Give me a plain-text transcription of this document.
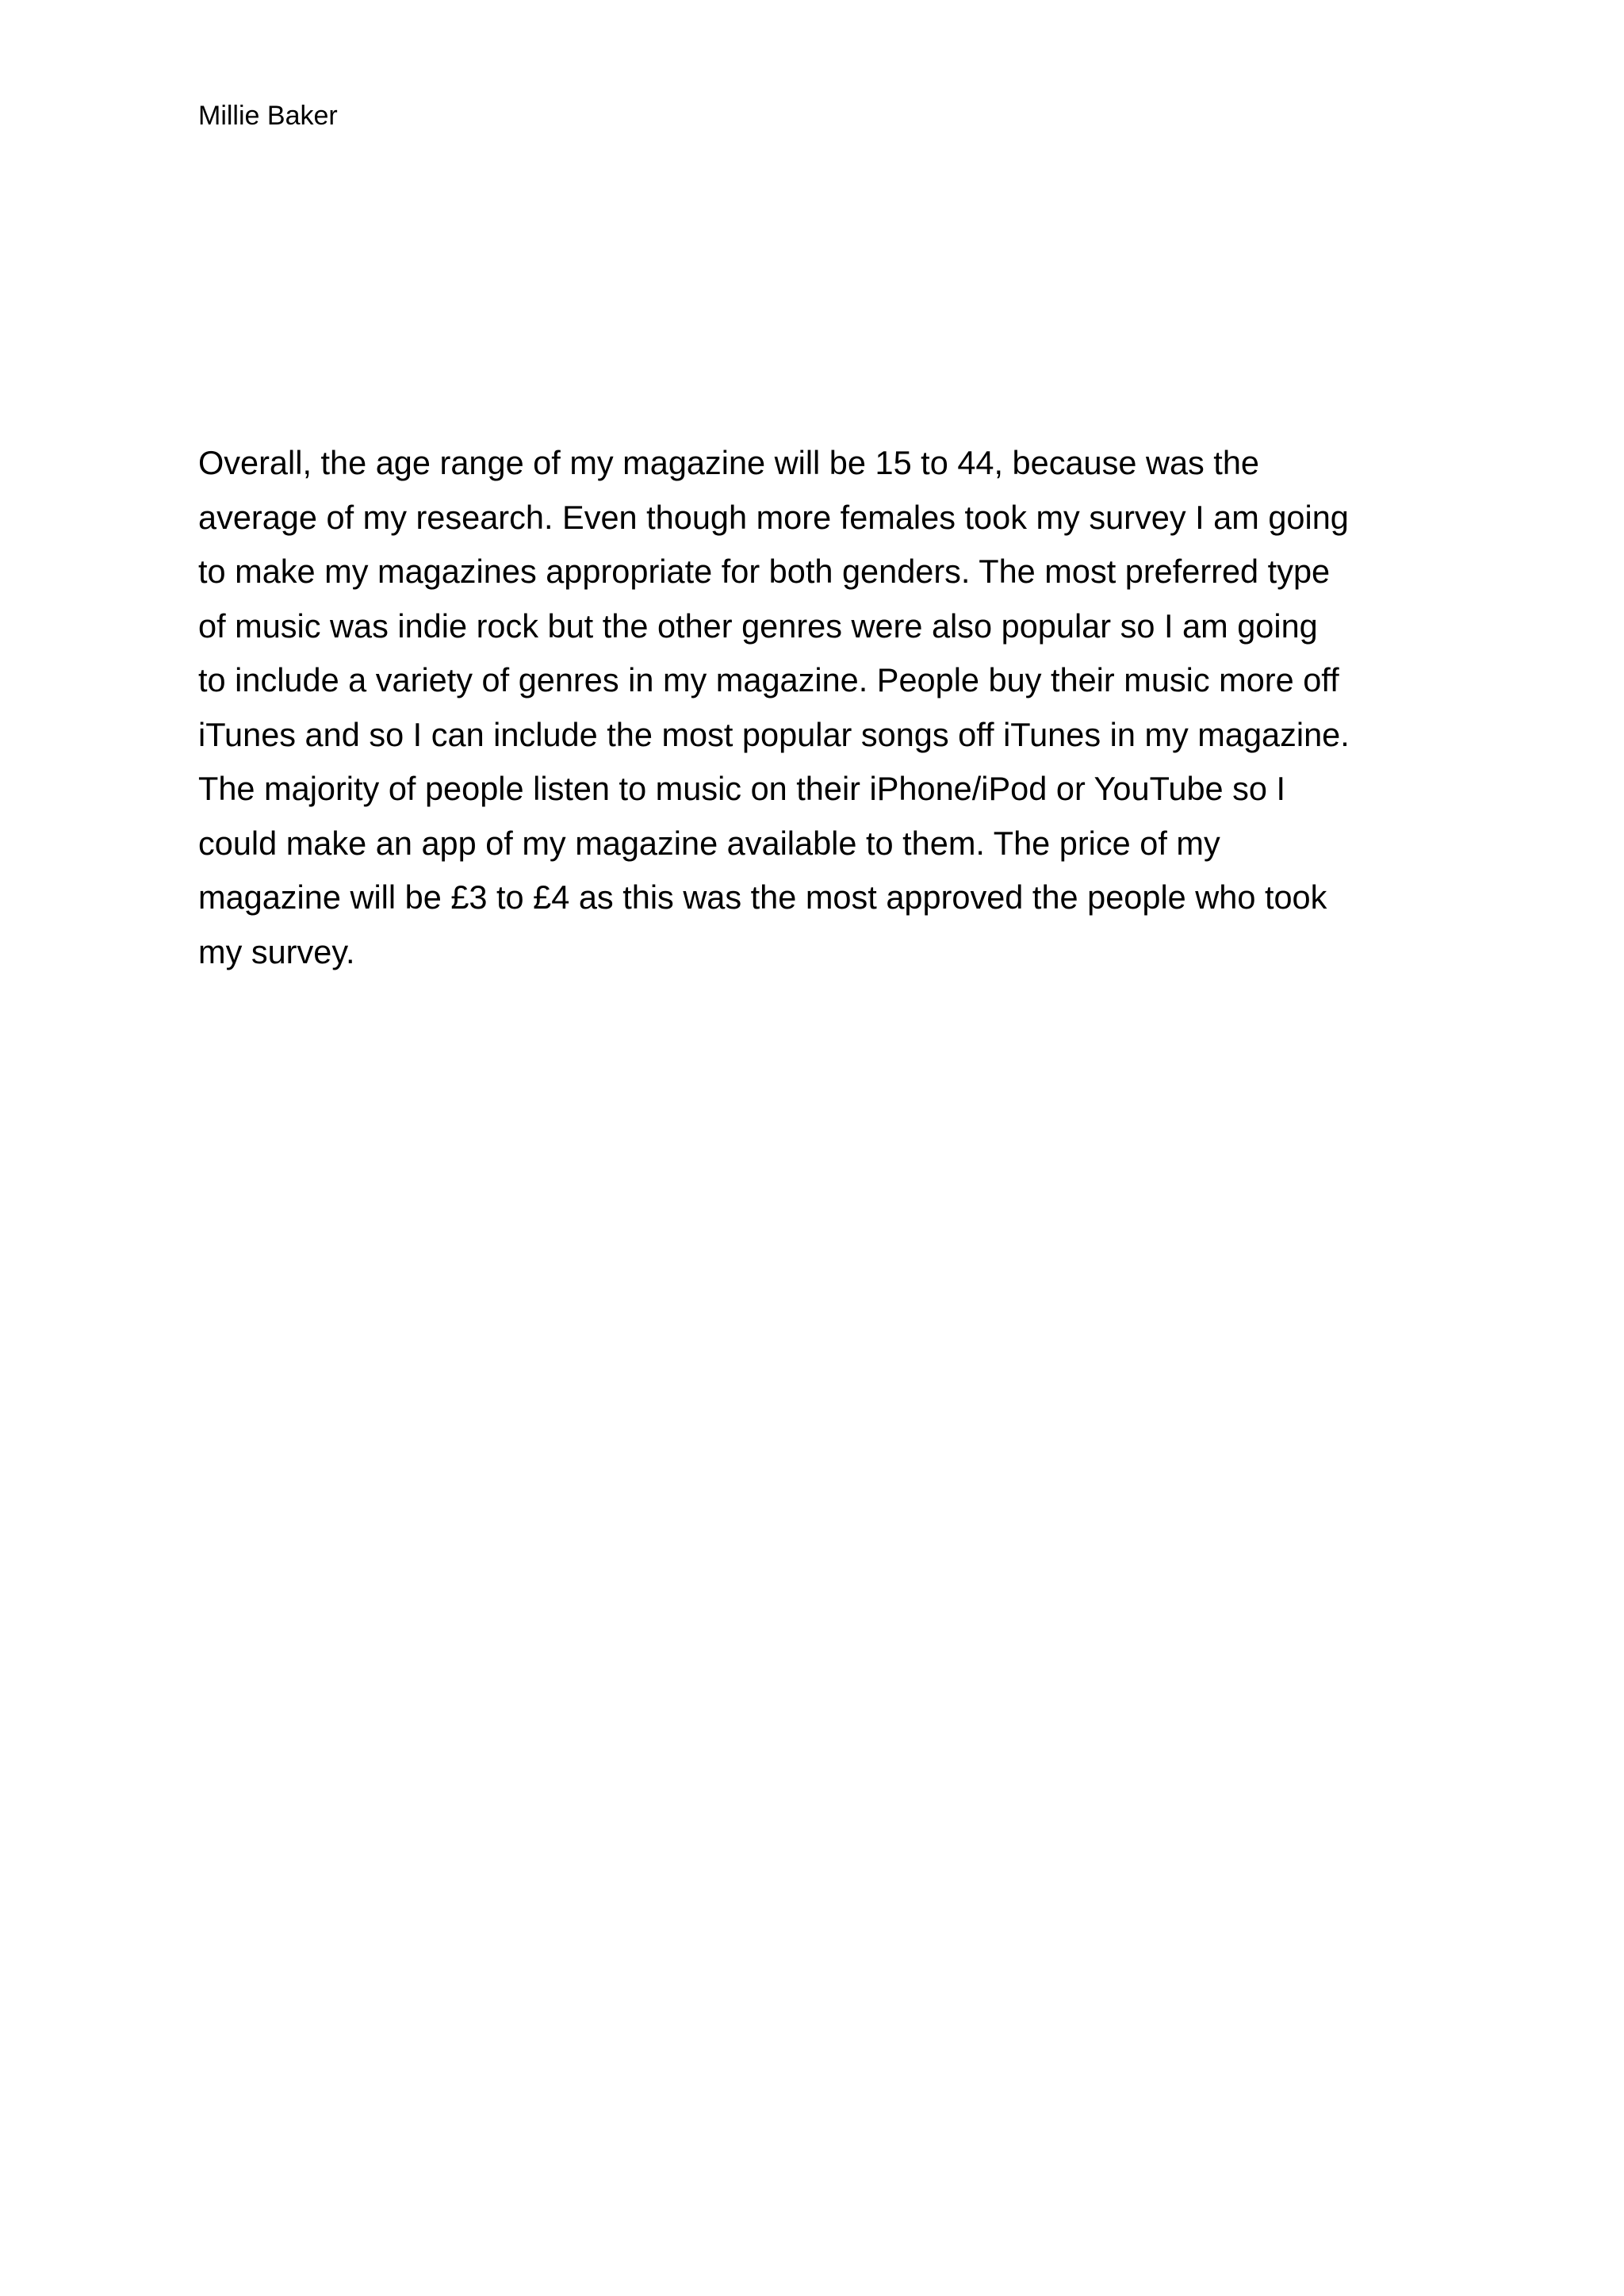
Millie Baker

Overall, the age range of my magazine will be 15 to 44, because was the
average of my research. Even though more females took my survey I am going
to make my magazines appropriate for both genders. The most preferred type
of music was indie rock but the other genres were also popular so I am going
to include a variety of genres in my magazine. People buy their music more off
iTunes and so I can include the most popular songs off iTunes in my magazine.
The majority of people listen to music on their iPhone/iPod or YouTube so I
could make an app of my magazine available to them. The price of my
magazine will be £3 to £4 as this was the most approved the people who took
my survey.
